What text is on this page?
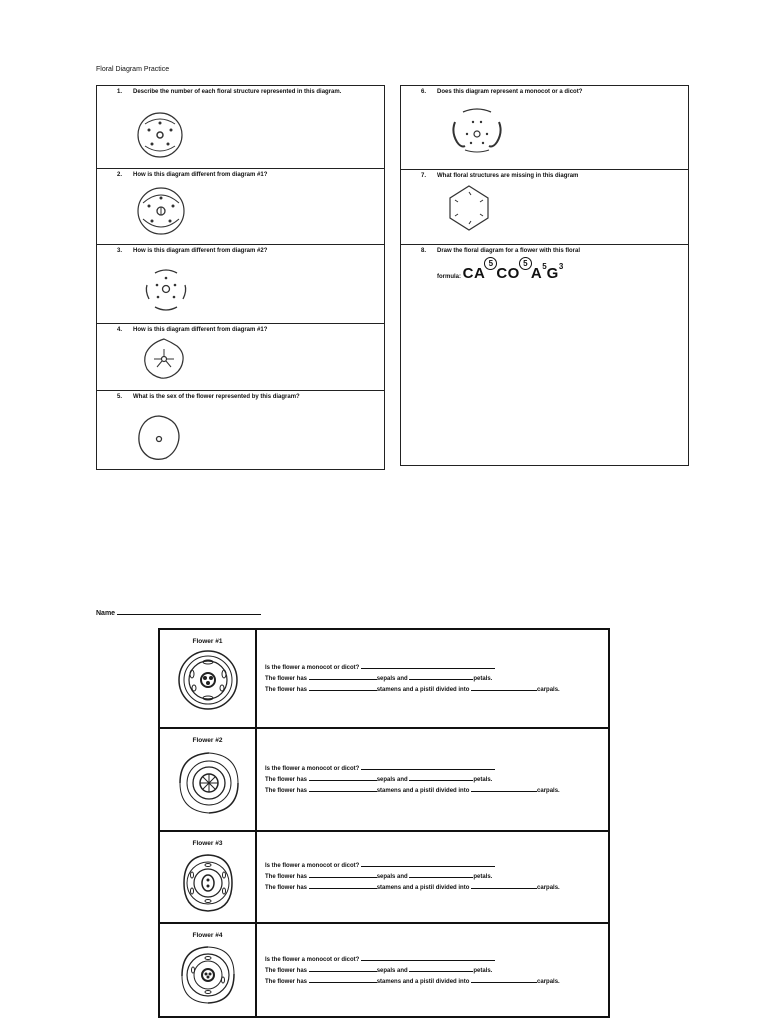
Floral Diagram Practice
1. Describe the number of each floral structure represented in this diagram.
2. How is this diagram different from diagram #1?
3. How is this diagram different from diagram #2?
4. How is this diagram different from diagram #1?
5. What is the sex of the flower represented by this diagram?
6. Does this diagram represent a monocot or a dicot?
7. What floral structures are missing in this diagram
8. Draw the floral diagram for a flower with this floral
formula: CA5CO5A5G3
Name
Flower #1
Is the flower a monocot or dicot?
The flower has	sepals and	petals.
The flower has	stamens and a pistil divided into	carpals.
Flower #2
Is the flower a monocot or dicot?
The flower has	sepals and	petals.
The flower has	stamens and a pistil divided into	carpals.
Flower #3
Is the flower a monocot or dicot?
The flower has	sepals and	petals.
The flower has	stamens and a pistil divided into	carpals.
Flower #4
Is the flower a monocot or dicot?
The flower has	sepals and	petals.
The flower has	stamens and a pistil divided into	carpals.
